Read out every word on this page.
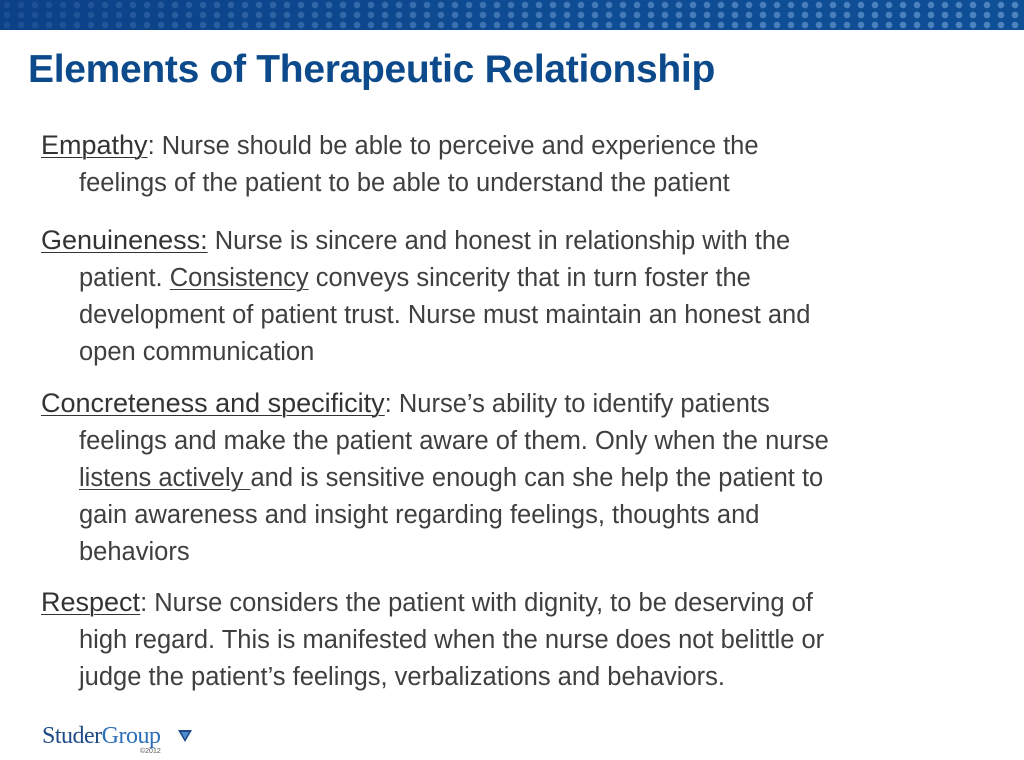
Elements of Therapeutic Relationship
Empathy: Nurse should be able to perceive and experience the
feelings of the patient to be able to understand the patient
Genuineness: Nurse is sincere and honest in relationship with the
patient. Consistency conveys sincerity that in turn foster the
development of patient trust. Nurse must maintain an honest and
open communication
Concreteness and specificity: Nurse’s ability to identify patients
feelings and make the patient aware of them. Only when the nurse
listens actively and is sensitive enough can she help the patient to
gain awareness and insight regarding feelings, thoughts and
behaviors
Respect: Nurse considers the patient with dignity, to be deserving of
high regard. This is manifested when the nurse does not belittle or
judge the patient’s feelings, verbalizations and behaviors.
StuderGroup
©2012
